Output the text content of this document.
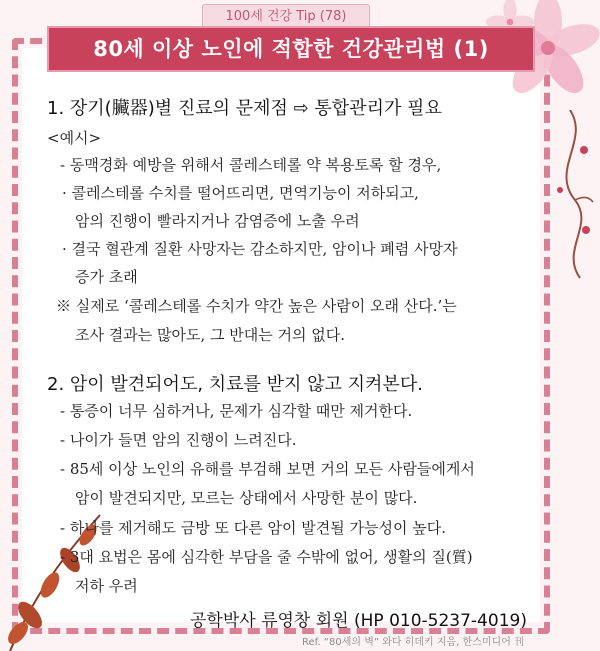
100세 건강 Tip (78)
80세 이상 노인에 적합한 건강관리법 (1)
1. 장기(臟器)별 진료의 문제점 ⇨ 통합관리가 필요
<예시>
- 동맥경화 예방을 위해서 콜레스테롤 약 복용토록 할 경우,
· 콜레스테롤 수치를 떨어뜨리면, 면역기능이 저하되고,
암의 진행이 빨라지거나 감염증에 노출 우려
· 결국 혈관계 질환 사망자는 감소하지만, 암이나 폐렴 사망자
증가 초래
※ 실제로 ‘콜레스테롤 수치가 약간 높은 사람이 오래 산다.’는
조사 결과는 많아도, 그 반대는 거의 없다.
2. 암이 발견되어도, 치료를 받지 않고 지켜본다.
- 통증이 너무 심하거나, 문제가 심각할 때만 제거한다.
- 나이가 들면 암의 진행이 느려진다.
- 85세 이상 노인의 유해를 부검해 보면 거의 모든 사람들에게서
암이 발견되지만, 모르는 상태에서 사망한 분이 많다.
- 하나를 제거해도 금방 또 다른 암이 발견될 가능성이 높다.
- 3대 요법은 몸에 심각한 부담을 줄 수밖에 없어, 생활의 질(質)
저하 우려
공학박사 류영창 회원 (HP 010-5237-4019)
Ref. “80세의 벽” 와다 히데키 지음, 한스미디어 刊
